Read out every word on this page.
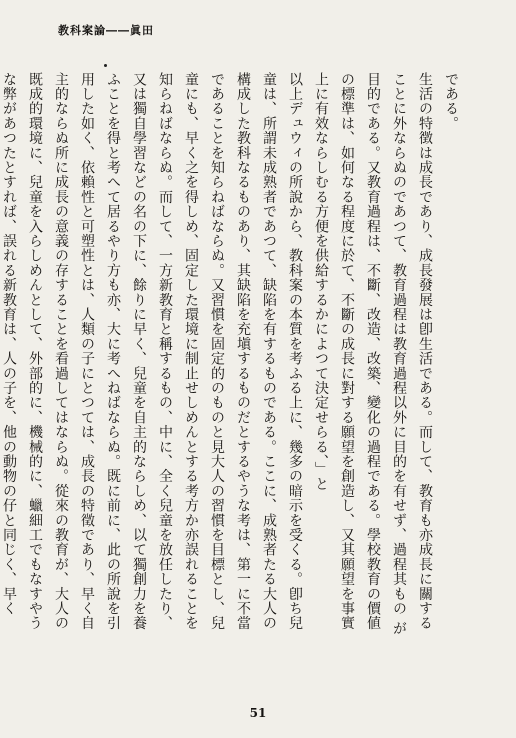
教科案論――眞田

である。

生活の特徴は成長であり、成長發展は卽生活である。而して、教育も亦成長に關することに外ならぬのであつて、教育過程は教育過程以外に目的を有せず、過程其もの が目的である。又教育過程は、不斷、改造、改築、變化の過程である。學校教育の價値の標準は、如何なる程度に於て、不斷の成長に對する願望を創造し、又其願望を事實上に有效ならしむる方便を供給するかによつて決定せらる、」と

以上デュウィの所說から、教科案の本質を考ふる上に、幾多の暗示を受くる。卽ち兒童は、所謂未成熟者であつて、缺陷を有するものである。ここに、成熟者たる大人の構成した教科なるものあり、其缺陷を充塡するものだとするやうな考は、第一に不當であることを知らねばならぬ。又習慣を固定的のものと見大人の習慣を目標とし、兒童にも、早く之を得しめ、固定した環境に制止せしめんとする考方か亦誤れることを知らねばならぬ。而して、一方新教育と稱するもの、中に、全く兒童を放任したり、又は獨自學習などの名の下に、餘りに早く、兒童を自主的ならしめ、以て獨創力を養ふことを得と考へて居るやり方も亦、大に考へねばならぬ。既に前に、此の所說を引用した如く、依賴性と可塑性とは、人類の子にとつては、成長の特徵であり、早く自主的ならぬ所に成長の意義の存することを看過してはならぬ。從來の教育が、大人の既成的環境に、兒童を入らしめんとして、外部的に、機械的に、蠟細工でもなすやうな弊があつたとすれば、誤れる新教育は、人の子を、他の動物の仔と同じく、早く

51
